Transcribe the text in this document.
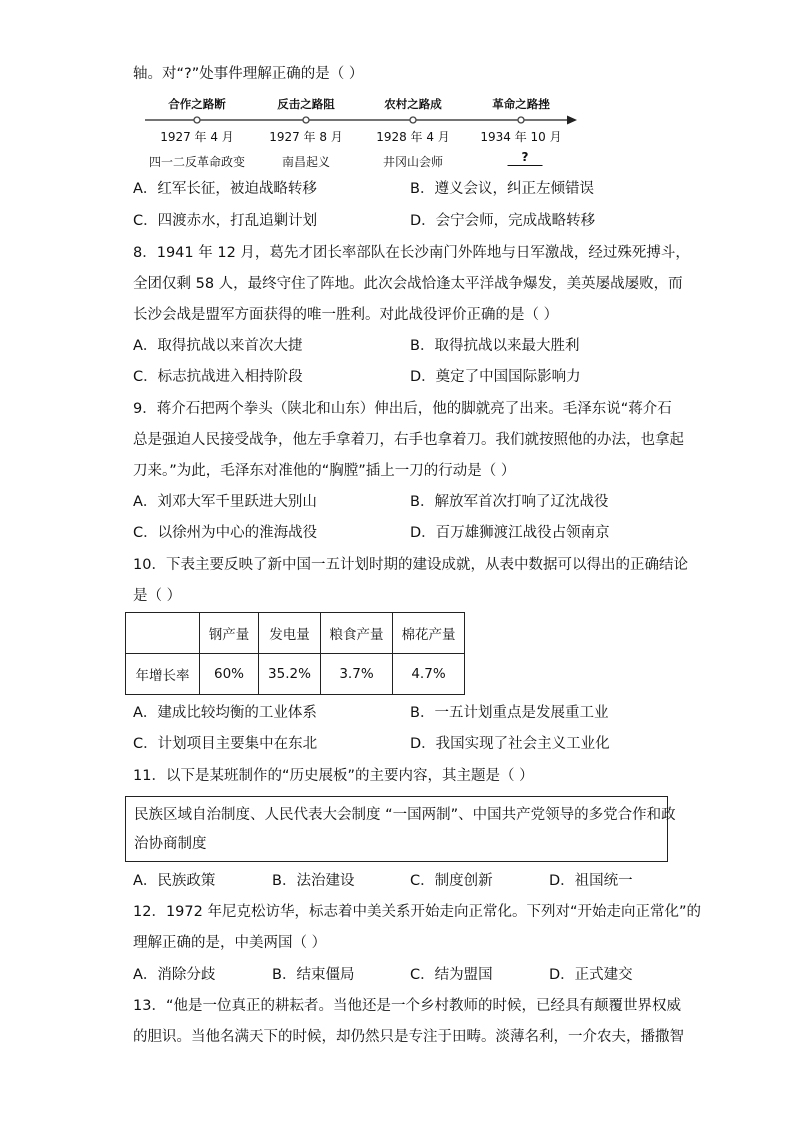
轴。对“?”处事件理解正确的是（ ）
合作之路断	反击之路阻	农村之路成	革命之路挫
1927 年 4 月	1927 年 8 月	1928 年 4 月	1934 年 10 月
四一二反革命政变	南昌起义	井冈山会师	?
A．红军长征，被迫战略转移	B．遵义会议，纠正左倾错误
C．四渡赤水，打乱追剿计划	D．会宁会师，完成战略转移
8．1941 年 12 月，葛先才团长率部队在长沙南门外阵地与日军激战，经过殊死搏斗，
全团仅剩 58 人，最终守住了阵地。此次会战恰逢太平洋战争爆发，美英屡战屡败，而
长沙会战是盟军方面获得的唯一胜利。对此战役评价正确的是（ ）
A．取得抗战以来首次大捷	B．取得抗战以来最大胜利
C．标志抗战进入相持阶段	D．奠定了中国国际影响力
9．蒋介石把两个拳头（陕北和山东）伸出后，他的脚就亮了出来。毛泽东说“蒋介石
总是强迫人民接受战争，他左手拿着刀，右手也拿着刀。我们就按照他的办法，也拿起
刀来。”为此，毛泽东对准他的“胸膛”插上一刀的行动是（ ）
A．刘邓大军千里跃进大别山	B．解放军首次打响了辽沈战役
C．以徐州为中心的淮海战役	D．百万雄狮渡江战役占领南京
10．下表主要反映了新中国一五计划时期的建设成就，从表中数据可以得出的正确结论
是（ ）
	钢产量	发电量	粮食产量	棉花产量
年增长率	60%	35.2%	3.7%	4.7%
A．建成比较均衡的工业体系	B．一五计划重点是发展重工业
C．计划项目主要集中在东北	D．我国实现了社会主义工业化
11．以下是某班制作的“历史展板”的主要内容，其主题是（ ）
民族区域自治制度、人民代表大会制度 “一国两制”、中国共产党领导的多党合作和政
治协商制度
A．民族政策	B．法治建设	C．制度创新	D．祖国统一
12．1972 年尼克松访华，标志着中美关系开始走向正常化。下列对“开始走向正常化”的
理解正确的是，中美两国（ ）
A．消除分歧	B．结束僵局	C．结为盟国	D．正式建交
13．“他是一位真正的耕耘者。当他还是一个乡村教师的时候，已经具有颠覆世界权威
的胆识。当他名满天下的时候，却仍然只是专注于田畴。淡薄名利，一介农夫，播撒智
